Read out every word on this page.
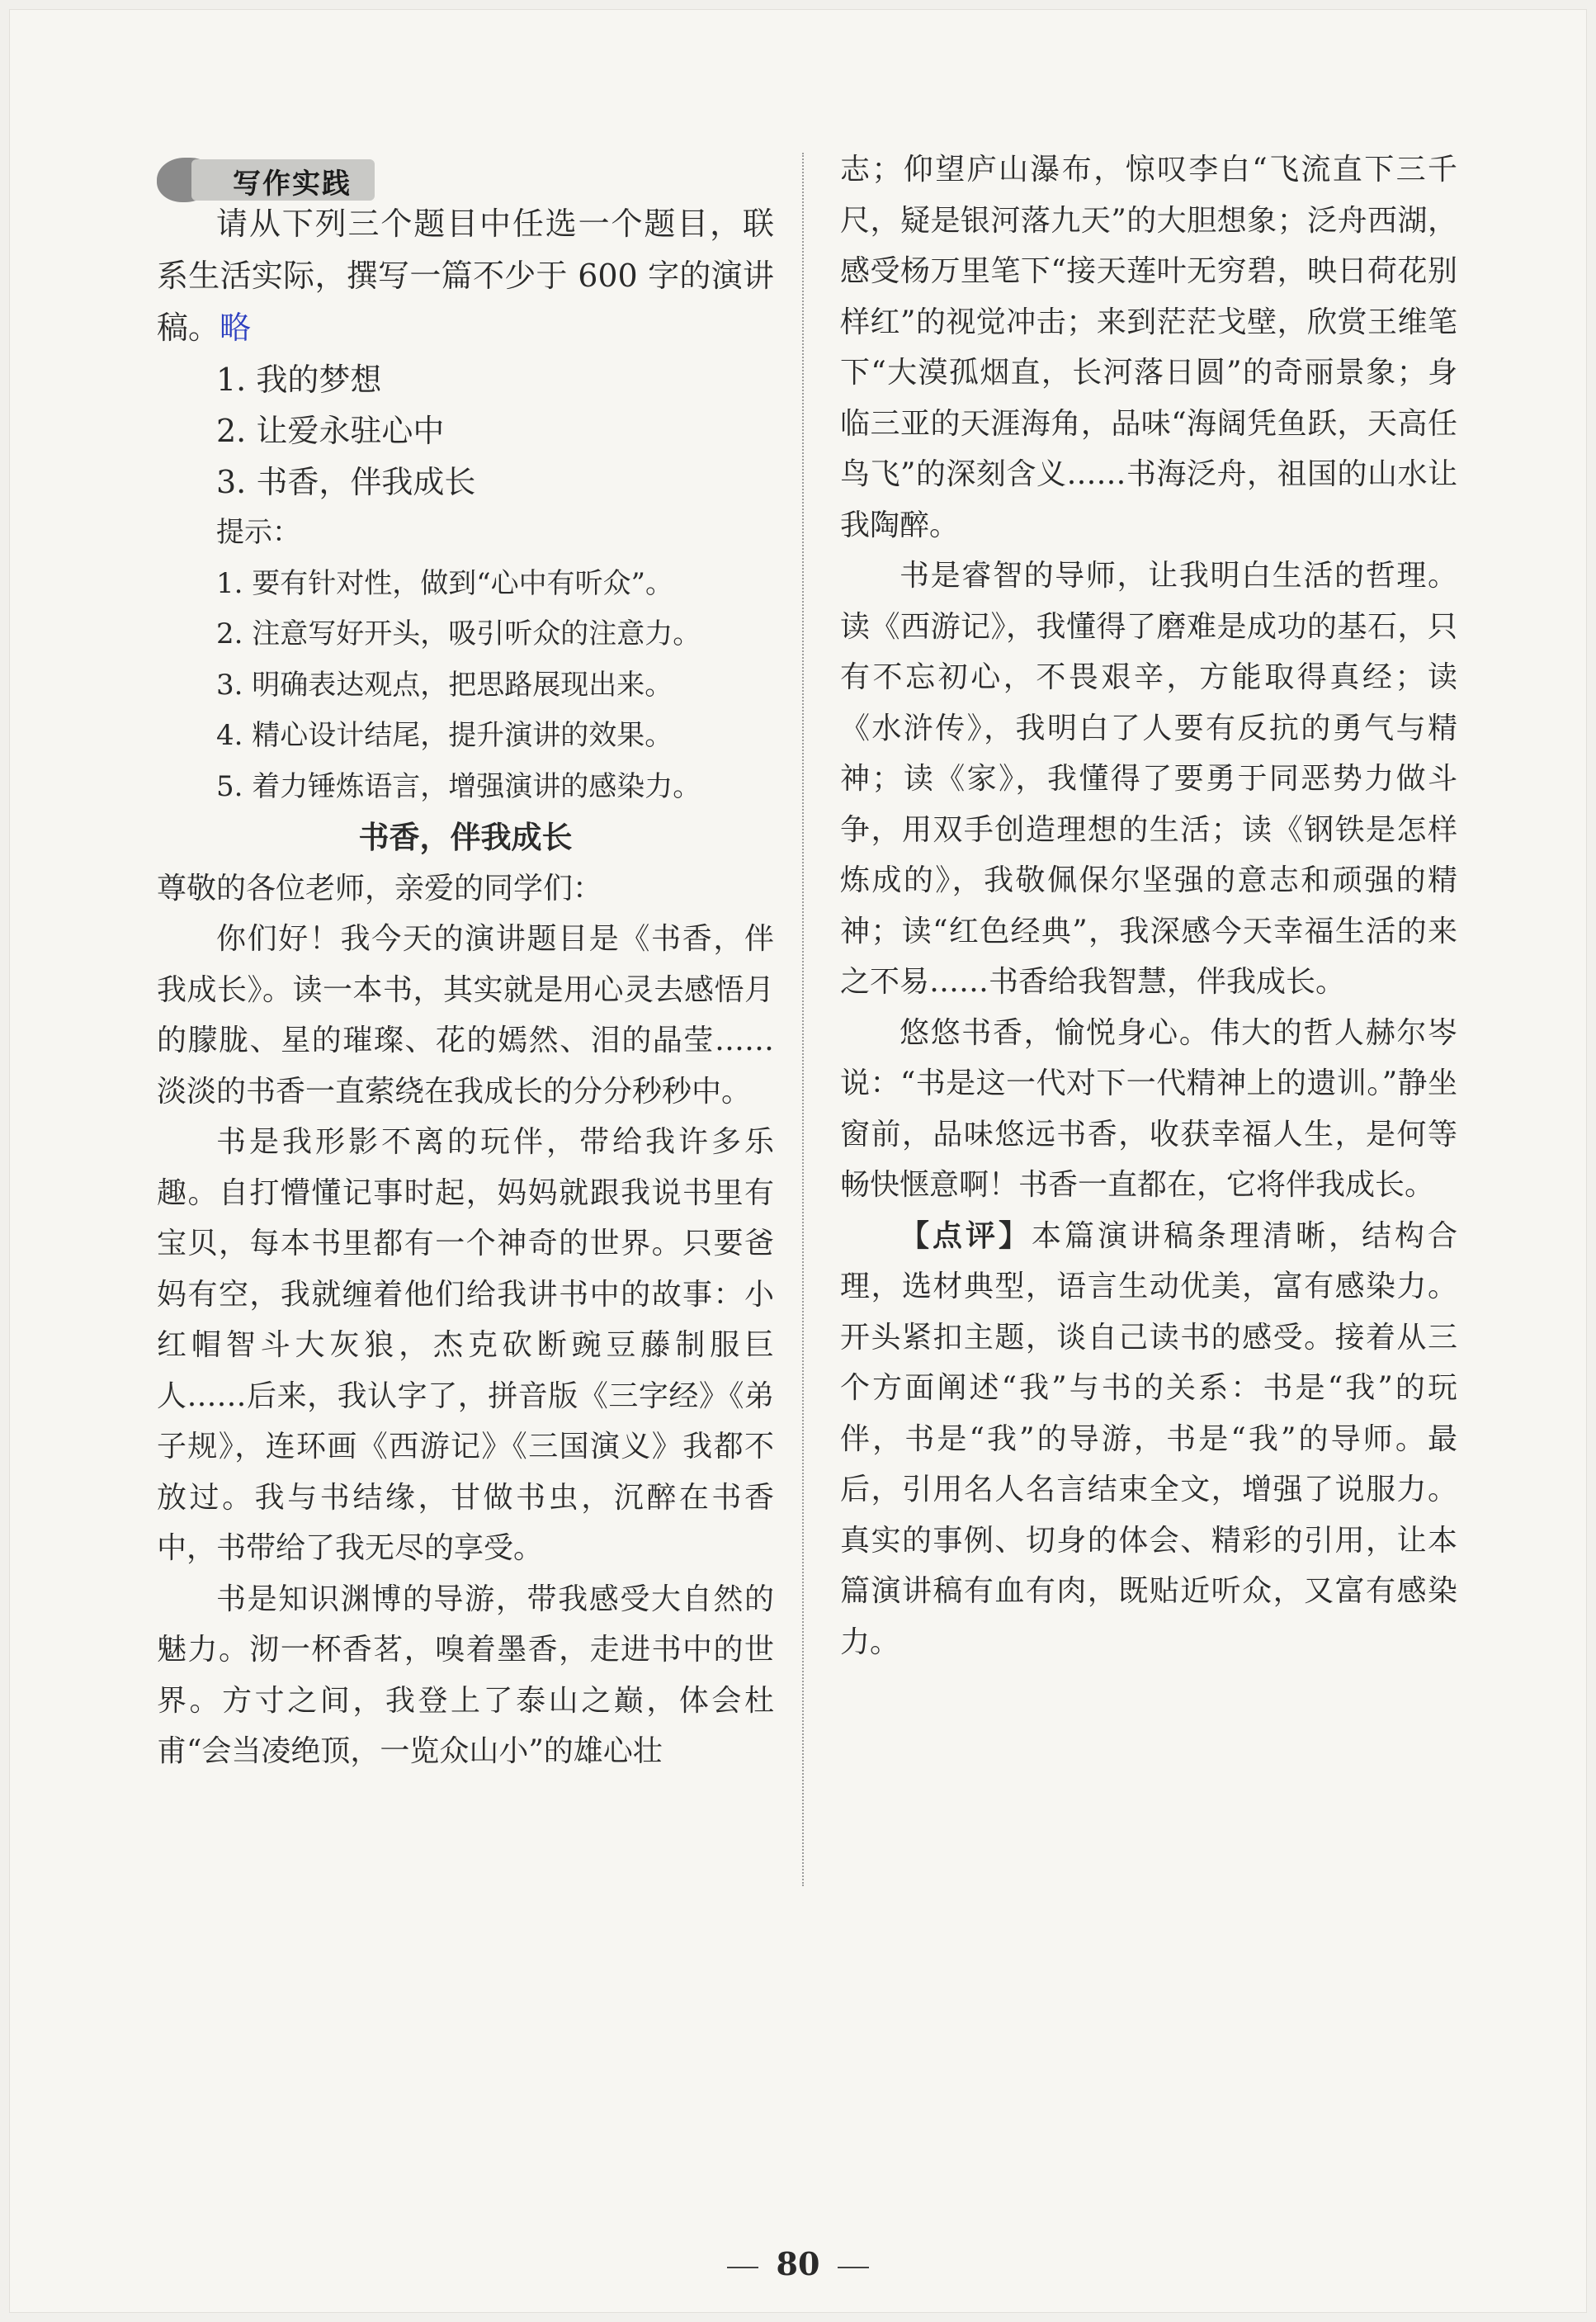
写作实践

请从下列三个题目中任选一个题目，联系生活实际，撰写一篇不少于 600 字的演讲稿。略

1. 我的梦想

2. 让爱永驻心中

3. 书香，伴我成长

提示：

1. 要有针对性，做到“心中有听众”。

2. 注意写好开头，吸引听众的注意力。

3. 明确表达观点，把思路展现出来。

4. 精心设计结尾，提升演讲的效果。

5. 着力锤炼语言，增强演讲的感染力。

书香，伴我成长

尊敬的各位老师，亲爱的同学们：

你们好！我今天的演讲题目是《书香，伴我成长》。读一本书，其实就是用心灵去感悟月的朦胧、星的璀璨、花的嫣然、泪的晶莹……淡淡的书香一直萦绕在我成长的分分秒秒中。

书是我形影不离的玩伴，带给我许多乐趣。自打懵懂记事时起，妈妈就跟我说书里有宝贝，每本书里都有一个神奇的世界。只要爸妈有空，我就缠着他们给我讲书中的故事：小红帽智斗大灰狼，杰克砍断豌豆藤制服巨人……后来，我认字了，拼音版《三字经》《弟子规》，连环画《西游记》《三国演义》我都不放过。我与书结缘，甘做书虫，沉醉在书香中，书带给了我无尽的享受。

书是知识渊博的导游，带我感受大自然的魅力。沏一杯香茗，嗅着墨香，走进书中的世界。方寸之间，我登上了泰山之巅，体会杜甫“会当凌绝顶，一览众山小”的雄心壮

志；仰望庐山瀑布，惊叹李白“飞流直下三千尺，疑是银河落九天”的大胆想象；泛舟西湖，感受杨万里笔下“接天莲叶无穷碧，映日荷花别样红”的视觉冲击；来到茫茫戈壁，欣赏王维笔下“大漠孤烟直，长河落日圆”的奇丽景象；身临三亚的天涯海角，品味“海阔凭鱼跃，天高任鸟飞”的深刻含义……书海泛舟，祖国的山水让我陶醉。

书是睿智的导师，让我明白生活的哲理。读《西游记》，我懂得了磨难是成功的基石，只有不忘初心，不畏艰辛，方能取得真经；读《水浒传》，我明白了人要有反抗的勇气与精神；读《家》，我懂得了要勇于同恶势力做斗争，用双手创造理想的生活；读《钢铁是怎样炼成的》，我敬佩保尔坚强的意志和顽强的精神；读“红色经典”，我深感今天幸福生活的来之不易……书香给我智慧，伴我成长。

悠悠书香，愉悦身心。伟大的哲人赫尔岑说：“书是这一代对下一代精神上的遗训。”静坐窗前，品味悠远书香，收获幸福人生，是何等畅快惬意啊！书香一直都在，它将伴我成长。

【点评】本篇演讲稿条理清晰，结构合理，选材典型，语言生动优美，富有感染力。开头紧扣主题，谈自己读书的感受。接着从三个方面阐述“我”与书的关系：书是“我”的玩伴，书是“我”的导游，书是“我”的导师。最后，引用名人名言结束全文，增强了说服力。真实的事例、切身的体会、精彩的引用，让本篇演讲稿有血有肉，既贴近听众，又富有感染力。

80
